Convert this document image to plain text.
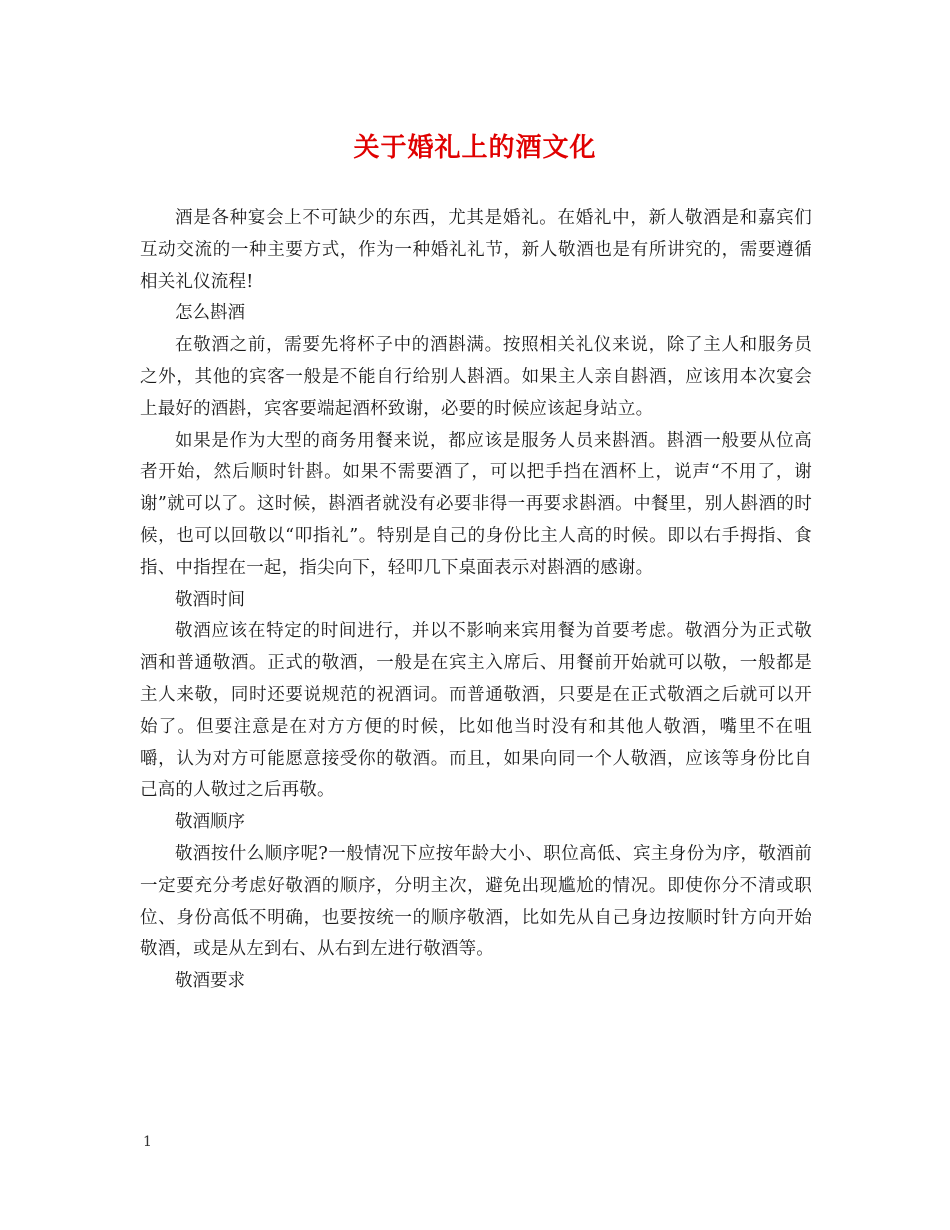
关于婚礼上的酒文化

酒是各种宴会上不可缺少的东西，尤其是婚礼。在婚礼中，新人敬酒是和嘉宾们互动交流的一种主要方式，作为一种婚礼礼节，新人敬酒也是有所讲究的，需要遵循相关礼仪流程!

怎么斟酒

在敬酒之前，需要先将杯子中的酒斟满。按照相关礼仪来说，除了主人和服务员之外，其他的宾客一般是不能自行给别人斟酒。如果主人亲自斟酒，应该用本次宴会上最好的酒斟，宾客要端起酒杯致谢，必要的时候应该起身站立。

如果是作为大型的商务用餐来说，都应该是服务人员来斟酒。斟酒一般要从位高者开始，然后顺时针斟。如果不需要酒了，可以把手挡在酒杯上，说声“不用了，谢谢”就可以了。这时候，斟酒者就没有必要非得一再要求斟酒。中餐里，别人斟酒的时候，也可以回敬以“叩指礼”。特别是自己的身份比主人高的时候。即以右手拇指、食指、中指捏在一起，指尖向下，轻叩几下桌面表示对斟酒的感谢。

敬酒时间

敬酒应该在特定的时间进行，并以不影响来宾用餐为首要考虑。敬酒分为正式敬酒和普通敬酒。正式的敬酒，一般是在宾主入席后、用餐前开始就可以敬，一般都是主人来敬，同时还要说规范的祝酒词。而普通敬酒，只要是在正式敬酒之后就可以开始了。但要注意是在对方方便的时候，比如他当时没有和其他人敬酒，嘴里不在咀嚼，认为对方可能愿意接受你的敬酒。而且，如果向同一个人敬酒，应该等身份比自己高的人敬过之后再敬。

敬酒顺序

敬酒按什么顺序呢?一般情况下应按年龄大小、职位高低、宾主身份为序，敬酒前一定要充分考虑好敬酒的顺序，分明主次，避免出现尴尬的情况。即使你分不清或职位、身份高低不明确，也要按统一的顺序敬酒，比如先从自己身边按顺时针方向开始敬酒，或是从左到右、从右到左进行敬酒等。

敬酒要求

1
